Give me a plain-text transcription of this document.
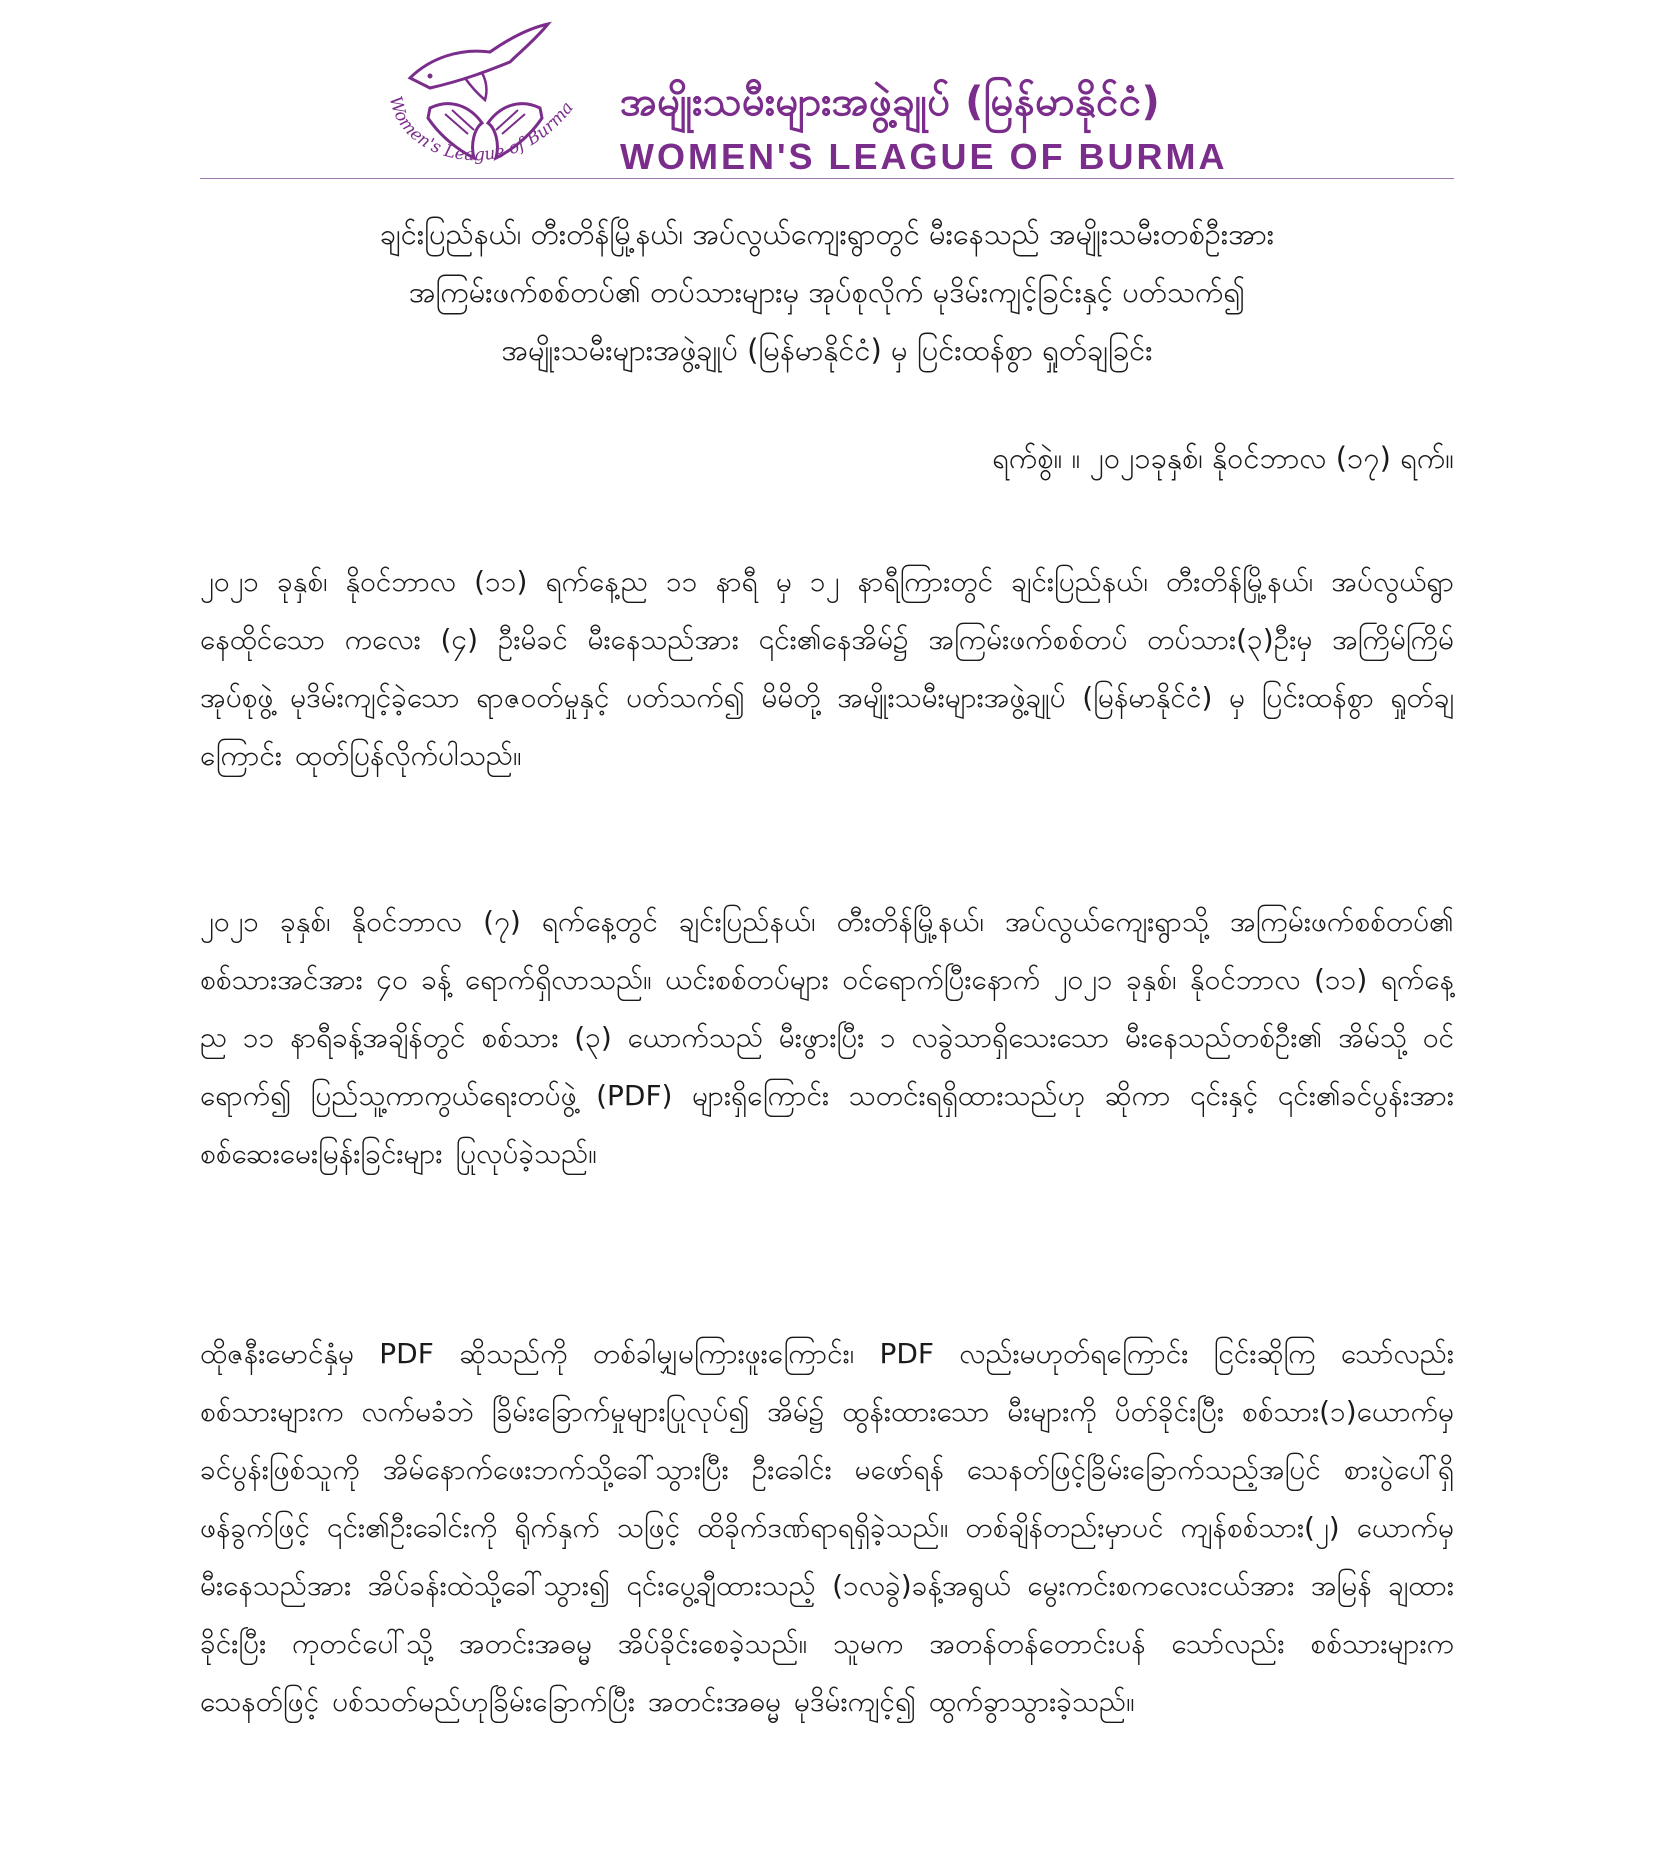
Women's League of Burma အမျိုးသမီးများအဖွဲ့ချုပ် (မြန်မာနိုင်ငံ)
WOMEN'S LEAGUE OF BURMA
ချင်းပြည်နယ်၊ တီးတိန်မြို့နယ်၊ အပ်လွယ်ကျေးရွာတွင် မီးနေသည် အမျိုးသမီးတစ်ဦးအား
အကြမ်းဖက်စစ်တပ်၏ တပ်သားများမှ အုပ်စုလိုက် မုဒိမ်းကျင့်ခြင်းနှင့် ပတ်သက်၍
အမျိုးသမီးများအဖွဲ့ချုပ် (မြန်မာနိုင်ငံ) မှ ပြင်းထန်စွာ ရှုတ်ချခြင်း
ရက်စွဲ။ ။ ၂၀၂၁ခုနှစ်၊ နိုဝင်ဘာလ (၁၇) ရက်။

၂၀၂၁ ခုနှစ်၊ နိုဝင်ဘာလ (၁၁) ရက်နေ့ည ၁၁ နာရီ မှ ၁၂ နာရီကြားတွင် ချင်းပြည်နယ်၊ တီးတိန်မြို့နယ်၊ အပ်လွယ်ရွာ နေထိုင်သော ကလေး (၄) ဦးမိခင် မီးနေသည်အား ၎င်း၏နေအိမ်၌ အကြမ်းဖက်စစ်တပ် တပ်သား(၃)ဦးမှ အကြိမ်ကြိမ် အုပ်စုဖွဲ့ မုဒိမ်းကျင့်ခဲ့သော ရာဇဝတ်မှုနှင့် ပတ်သက်၍ မိမိတို့ အမျိုးသမီးများအဖွဲ့ချုပ် (မြန်မာနိုင်ငံ) မှ ပြင်းထန်စွာ ရှုတ်ချကြောင်း ထုတ်ပြန်လိုက်ပါသည်။

၂၀၂၁ ခုနှစ်၊ နိုဝင်ဘာလ (၇) ရက်နေ့တွင် ချင်းပြည်နယ်၊ တီးတိန်မြို့နယ်၊ အပ်လွယ်ကျေးရွာသို့ အကြမ်းဖက်စစ်တပ်၏ စစ်သားအင်အား ၄၀ ခန့် ရောက်ရှိလာသည်။ ယင်းစစ်တပ်များ ဝင်ရောက်ပြီးနောက် ၂၀၂၁ ခုနှစ်၊ နိုဝင်ဘာလ (၁၁) ရက်နေ့ ည ၁၁ နာရီခန့်အချိန်တွင် စစ်သား (၃) ယောက်သည် မီးဖွားပြီး ၁ လခွဲသာရှိသေးသော မီးနေသည်တစ်ဦး၏ အိမ်သို့ ဝင်ရောက်၍ ပြည်သူ့ကာကွယ်ရေးတပ်ဖွဲ့ (PDF) များရှိကြောင်း သတင်းရရှိထားသည်ဟု ဆိုကာ ၎င်းနှင့် ၎င်း၏ခင်ပွန်းအား စစ်ဆေးမေးမြန်းခြင်းများ ပြုလုပ်ခဲ့သည်။

ထိုဇနီးမောင်နှံမှ PDF ဆိုသည်ကို တစ်ခါမျှမကြားဖူးကြောင်း၊ PDF လည်းမဟုတ်ရကြောင်း ငြင်းဆိုကြ သော်လည်း စစ်သားများက လက်မခံဘဲ ခြိမ်းခြောက်မှုများပြုလုပ်၍ အိမ်၌ ထွန်းထားသော မီးများကို ပိတ်ခိုင်းပြီး စစ်သား(၁)ယောက်မှ ခင်ပွန်းဖြစ်သူကို အိမ်နောက်ဖေးဘက်သို့ခေါ်သွားပြီး ဦးခေါင်း မဖော်ရန် သေနတ်ဖြင့်ခြိမ်းခြောက်သည့်အပြင် စားပွဲပေါ်ရှိ ဖန်ခွက်ဖြင့် ၎င်း၏ဦးခေါင်းကို ရိုက်နှက် သဖြင့် ထိခိုက်ဒဏ်ရာရရှိခဲ့သည်။ တစ်ချိန်တည်းမှာပင် ကျန်စစ်သား(၂) ယောက်မှ မီးနေသည်အား အိပ်ခန်းထဲသို့ခေါ်သွား၍ ၎င်းပွေ့ချီထားသည့် (၁လခွဲ)ခန့်အရွယ် မွေးကင်းစကလေးငယ်အား အမြန် ချထားခိုင်းပြီး ကုတင်ပေါ်သို့ အတင်းအဓမ္မ အိပ်ခိုင်းစေခဲ့သည်။ သူမက အတန်တန်တောင်းပန် သော်လည်း စစ်သားများက သေနတ်ဖြင့် ပစ်သတ်မည်ဟုခြိမ်းခြောက်ပြီး အတင်းအဓမ္မ မုဒိမ်းကျင့်၍ ထွက်ခွာသွားခဲ့သည်။
